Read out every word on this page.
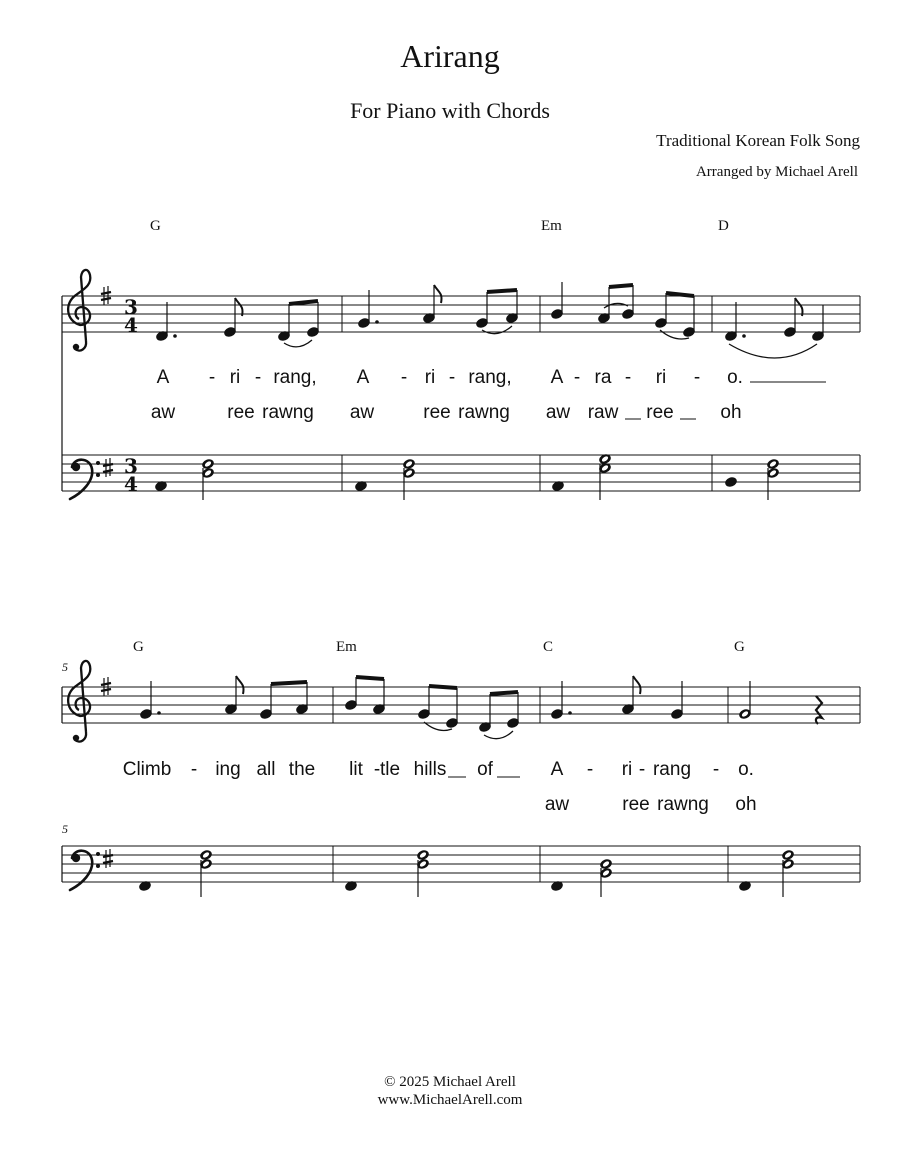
Arirang
For Piano with Chords
Traditional Korean Folk Song
Arranged by Michael Arell
G	Em	D
A - ri - rang, A - ri - rang, A - ra - ri - o.
aw	ree rawng aw	ree rawng aw raw ree oh
5
5
G	Em	C	G
Climb - ing all the lit - tle hills of	A - ri - rang - o.
aw	ree rawng oh
© 2025 Michael Arell
www.MichaelArell.com
3
4
3
4
